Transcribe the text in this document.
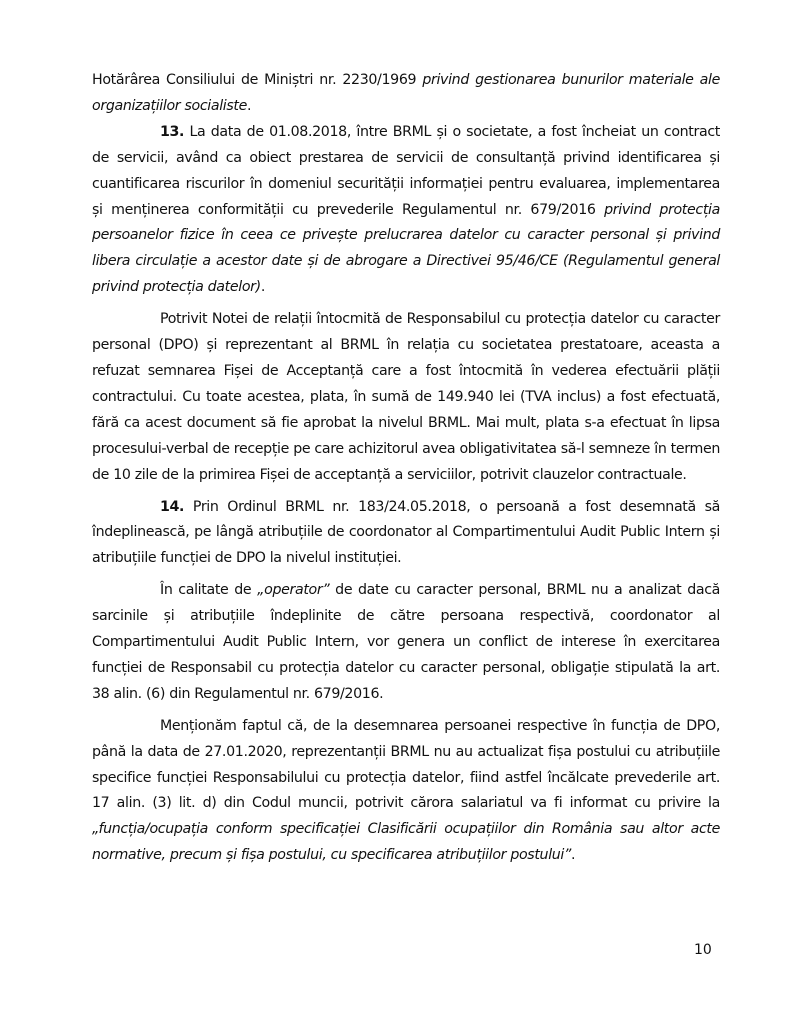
Hotărârea Consiliului de Miniștri nr. 2230/1969 privind gestionarea bunurilor materiale ale organizațiilor socialiste.

13. La data de 01.08.2018, între BRML și o societate, a fost încheiat un contract de servicii, având ca obiect prestarea de servicii de consultanță privind identificarea și cuantificarea riscurilor în domeniul securității informației pentru evaluarea, implementarea și menținerea conformității cu prevederile Regulamentul nr. 679/2016 privind protecția persoanelor fizice în ceea ce privește prelucrarea datelor cu caracter personal și privind libera circulație a acestor date și de abrogare a Directivei 95/46/CE (Regulamentul general privind protecția datelor).

Potrivit Notei de relații întocmită de Responsabilul cu protecția datelor cu caracter personal (DPO) și reprezentant al BRML în relația cu societatea prestatoare, aceasta a refuzat semnarea Fișei de Acceptanță care a fost întocmită în vederea efectuării plății contractului. Cu toate acestea, plata, în sumă de 149.940 lei (TVA inclus) a fost efectuată, fără ca acest document să fie aprobat la nivelul BRML. Mai mult, plata s-a efectuat în lipsa procesului-verbal de recepție pe care achizitorul avea obligativitatea să-l semneze în termen de 10 zile de la primirea Fișei de acceptanță a serviciilor, potrivit clauzelor contractuale.

14. Prin Ordinul BRML nr. 183/24.05.2018, o persoană a fost desemnată să îndeplinească, pe lângă atribuțiile de coordonator al Compartimentului Audit Public Intern și atribuțiile funcției de DPO la nivelul instituției.

În calitate de „operator” de date cu caracter personal, BRML nu a analizat dacă sarcinile și atribuțiile îndeplinite de către persoana respectivă, coordonator al Compartimentului Audit Public Intern, vor genera un conflict de interese în exercitarea funcției de Responsabil cu protecția datelor cu caracter personal, obligație stipulată la art. 38 alin. (6) din Regulamentul nr. 679/2016.

Menționăm faptul că, de la desemnarea persoanei respective în funcția de DPO, până la data de 27.01.2020, reprezentanții BRML nu au actualizat fișa postului cu atribuțiile specifice funcției Responsabilului cu protecția datelor, fiind astfel încălcate prevederile art. 17 alin. (3) lit. d) din Codul muncii, potrivit cărora salariatul va fi informat cu privire la „funcția/ocupația conform specificației Clasificării ocupațiilor din România sau altor acte normative, precum și fișa postului, cu specificarea atribuțiilor postului”.

10
